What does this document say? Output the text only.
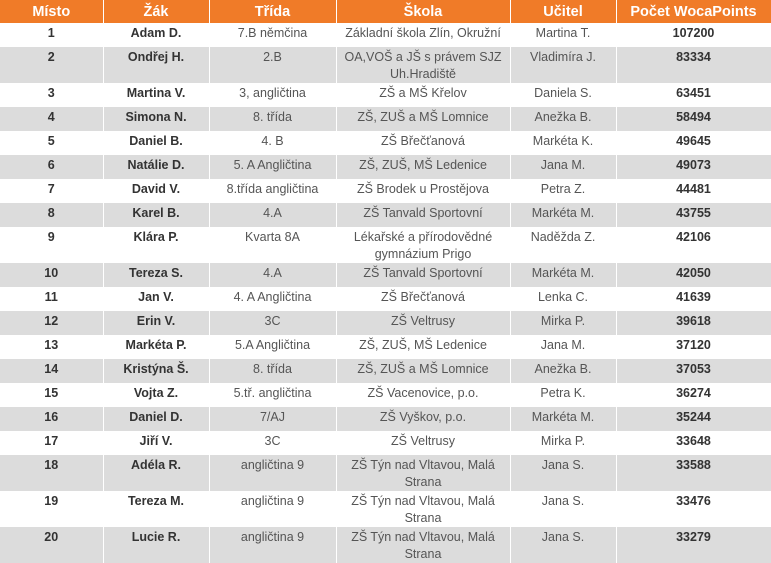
Místo	Žák	Třída	Škola	Učitel	Počet WocaPoints
1	Adam D.	7.B němčina	Základní škola Zlín, Okružní	Martina T.	107200
2	Ondřej H.	2.B	OA,VOŠ a JŠ s právem SJZ Uh.Hradiště	Vladimíra J.	83334
3	Martina V.	3, angličtina	ZŠ a MŠ Křelov	Daniela S.	63451
4	Simona N.	8. třída	ZŠ, ZUŠ a MŠ Lomnice	Anežka B.	58494
5	Daniel B.	4. B	ZŠ Břečťanová	Markéta K.	49645
6	Natálie D.	5. A Angličtina	ZŠ, ZUŠ, MŠ Ledenice	Jana M.	49073
7	David V.	8.třída angličtina	ZŠ Brodek u Prostějova	Petra Z.	44481
8	Karel B.	4.A	ZŠ Tanvald Sportovní	Markéta M.	43755
9	Klára P.	Kvarta 8A	Lékařské a přírodovědné gymnázium Prigo	Naděžda Z.	42106
10	Tereza S.	4.A	ZŠ Tanvald Sportovní	Markéta M.	42050
11	Jan V.	4. A Angličtina	ZŠ Břečťanová	Lenka C.	41639
12	Erin V.	3C	ZŠ Veltrusy	Mirka P.	39618
13	Markéta P.	5.A Angličtina	ZŠ, ZUŠ, MŠ Ledenice	Jana M.	37120
14	Kristýna Š.	8. třída	ZŠ, ZUŠ a MŠ Lomnice	Anežka B.	37053
15	Vojta Z.	5.tř. angličtina	ZŠ Vacenovice, p.o.	Petra K.	36274
16	Daniel D.	7/AJ	ZŠ Vyškov, p.o.	Markéta M.	35244
17	Jiří V.	3C	ZŠ Veltrusy	Mirka P.	33648
18	Adéla R.	angličtina 9	ZŠ Týn nad Vltavou, Malá Strana	Jana S.	33588
19	Tereza M.	angličtina 9	ZŠ Týn nad Vltavou, Malá Strana	Jana S.	33476
20	Lucie R.	angličtina 9	ZŠ Týn nad Vltavou, Malá Strana	Jana S.	33279
